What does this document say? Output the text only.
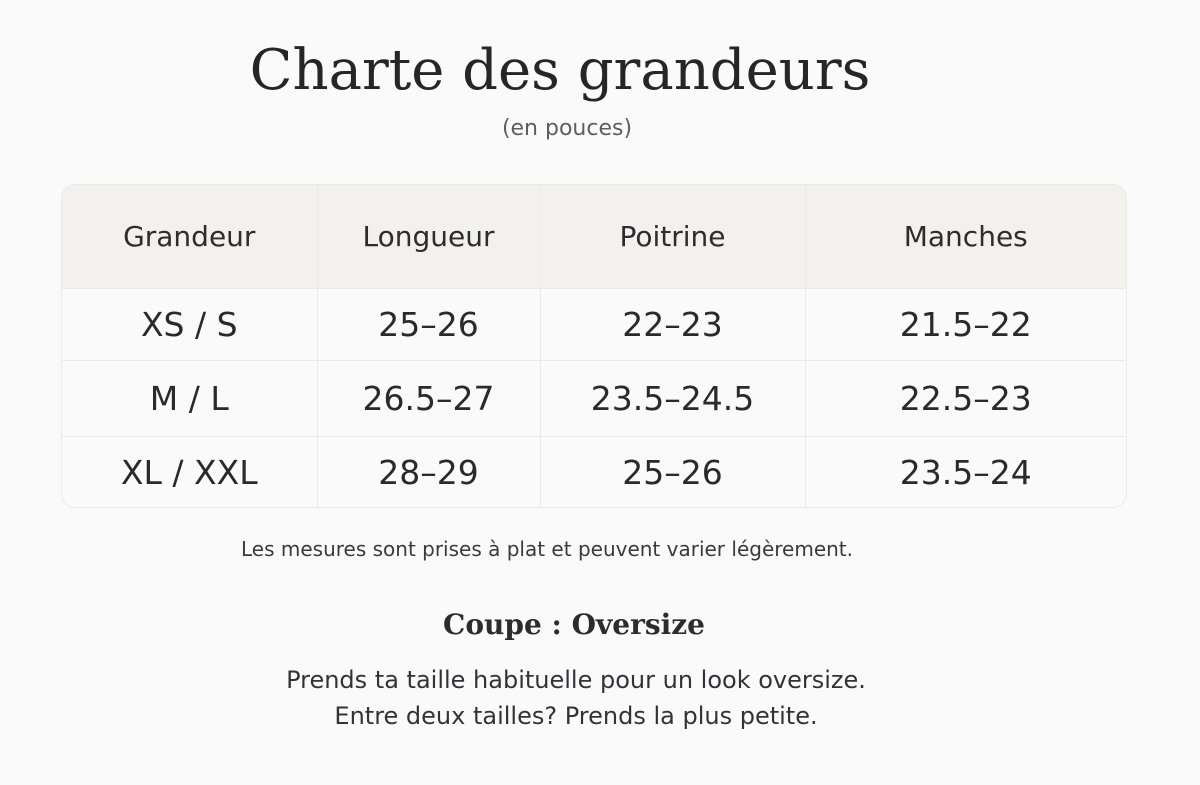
Charte des grandeurs
(en pouces)
Grandeur	Longueur	Poitrine	Manches
XS / S	25–26	22–23	21.5–22
M / L	26.5–27	23.5–24.5	22.5–23
XL / XXL	28–29	25–26	23.5–24
Les mesures sont prises à plat et peuvent varier légèrement.
Coupe : Oversize
Prends ta taille habituelle pour un look oversize.
Entre deux tailles? Prends la plus petite.
